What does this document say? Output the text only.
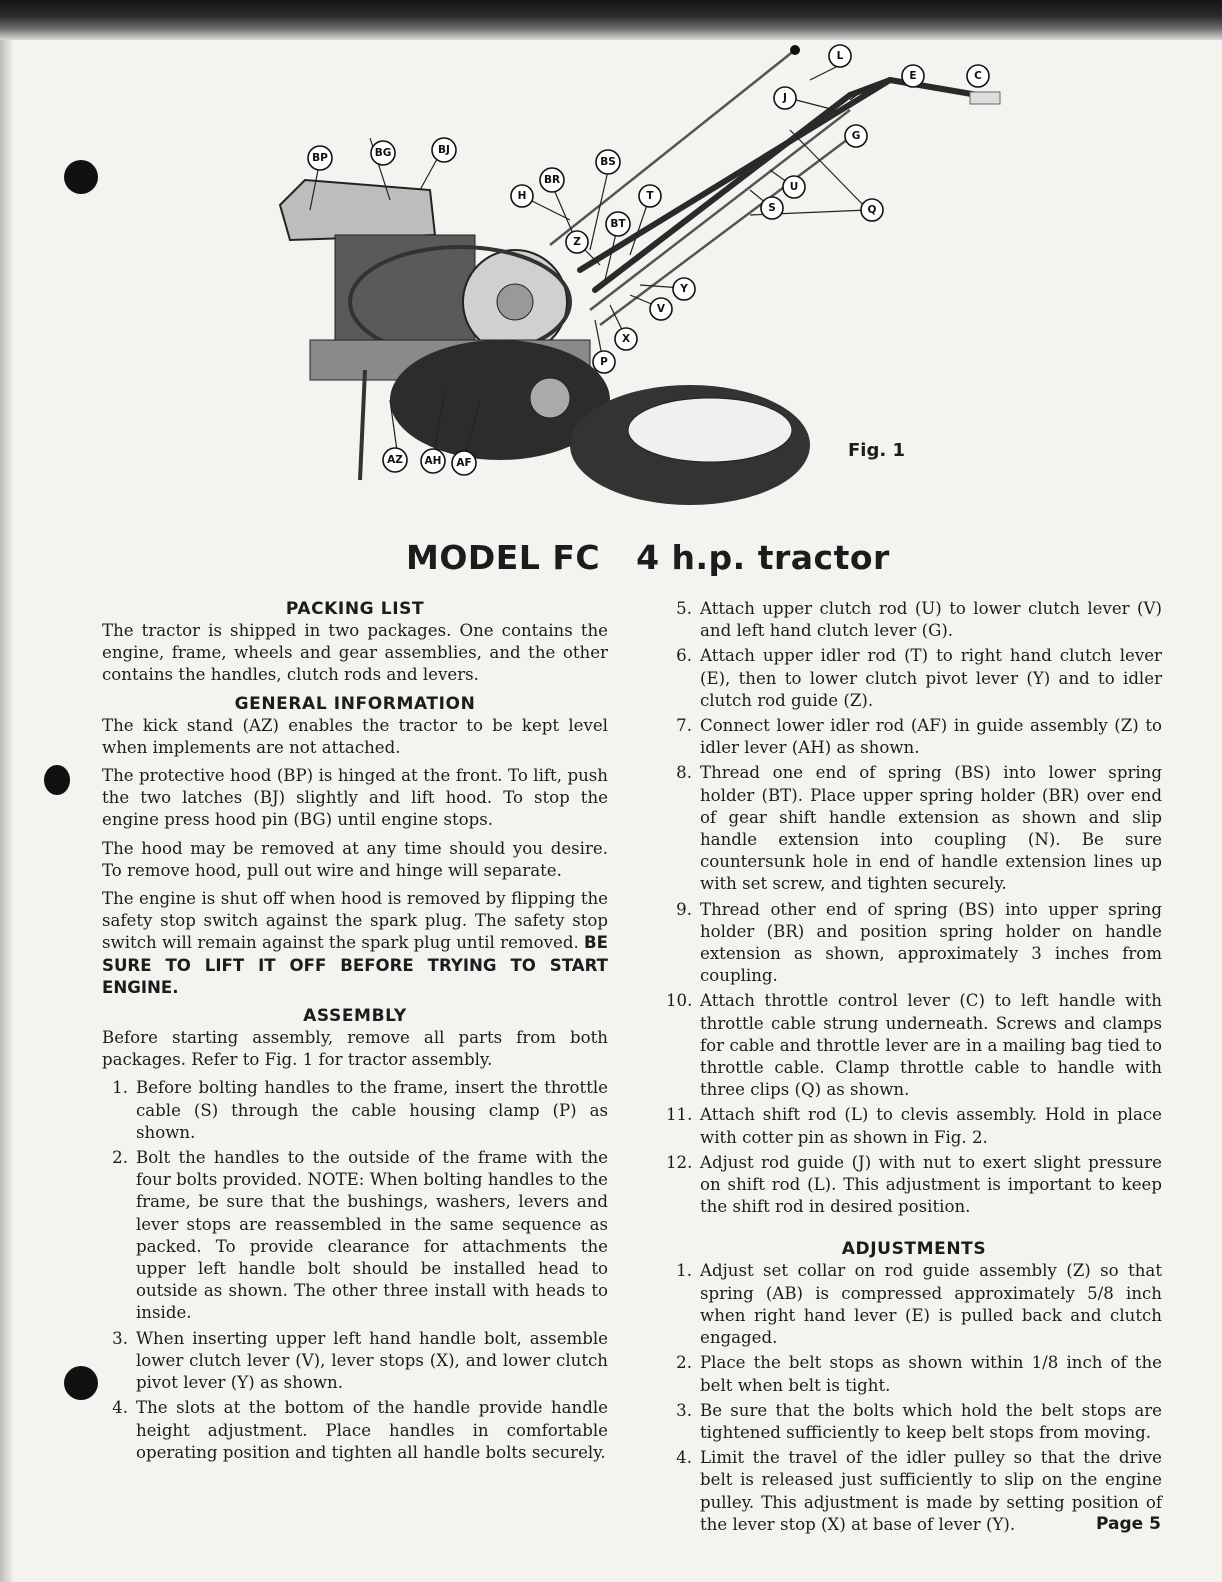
L
E	C
J
G
BP	BG	BJ
BS
BR
H	T
U
S	Q
BT
Z
Y
V
X
P
AZ AH AF
Fig. 1
MODEL FC   4 h.p. tractor
PACKING LIST

The tractor is shipped in two packages. One contains the engine, frame, wheels and gear assemblies, and the other contains the handles, clutch rods and levers.

GENERAL INFORMATION

The kick stand (AZ) enables the tractor to be kept level when implements are not attached.

The protective hood (BP) is hinged at the front. To lift, push the two latches (BJ) slightly and lift hood. To stop the engine press hood pin (BG) until engine stops.

The hood may be removed at any time should you desire. To remove hood, pull out wire and hinge will separate.

The engine is shut off when hood is removed by flipping the safety stop switch against the spark plug. The safety stop switch will remain against the spark plug until removed. BE SURE TO LIFT IT OFF BEFORE TRYING TO START ENGINE.

ASSEMBLY

Before starting assembly, remove all parts from both packages. Refer to Fig. 1 for tractor assembly.

1. Before bolting handles to the frame, insert the throttle cable (S) through the cable housing clamp (P) as shown.
2. Bolt the handles to the outside of the frame with the four bolts provided. NOTE: When bolting handles to the frame, be sure that the bushings, washers, levers and lever stops are reassembled in the same sequence as packed. To provide clearance for attachments the upper left handle bolt should be installed head to outside as shown. The other three install with heads to inside.
3. When inserting upper left hand handle bolt, assemble lower clutch lever (V), lever stops (X), and lower clutch pivot lever (Y) as shown.
4. The slots at the bottom of the handle provide handle height adjustment. Place handles in comfortable operating position and tighten all handle bolts securely.
5. Attach upper clutch rod (U) to lower clutch lever (V) and left hand clutch lever (G).
6. Attach upper idler rod (T) to right hand clutch lever (E), then to lower clutch pivot lever (Y) and to idler clutch rod guide (Z).
7. Connect lower idler rod (AF) in guide assembly (Z) to idler lever (AH) as shown.
8. Thread one end of spring (BS) into lower spring holder (BT). Place upper spring holder (BR) over end of gear shift handle extension as shown and slip handle extension into coupling (N). Be sure countersunk hole in end of handle extension lines up with set screw, and tighten securely.
9. Thread other end of spring (BS) into upper spring holder (BR) and position spring holder on handle extension as shown, approximately 3 inches from coupling.
10. Attach throttle control lever (C) to left handle with throttle cable strung underneath. Screws and clamps for cable and throttle lever are in a mailing bag tied to throttle cable. Clamp throttle cable to handle with three clips (Q) as shown.
11. Attach shift rod (L) to clevis assembly. Hold in place with cotter pin as shown in Fig. 2.
12. Adjust rod guide (J) with nut to exert slight pressure on shift rod (L). This adjustment is important to keep the shift rod in desired position.
ADJUSTMENTS
1. Adjust set collar on rod guide assembly (Z) so that spring (AB) is compressed approximately 5/8 inch when right hand lever (E) is pulled back and clutch engaged.
2. Place the belt stops as shown within 1/8 inch of the belt when belt is tight.
3. Be sure that the bolts which hold the belt stops are tightened sufficiently to keep belt stops from moving.
4. Limit the travel of the idler pulley so that the drive belt is released just sufficiently to slip on the engine pulley. This adjustment is made by setting position of the lever stop (X) at base of lever (Y).	Page 5
